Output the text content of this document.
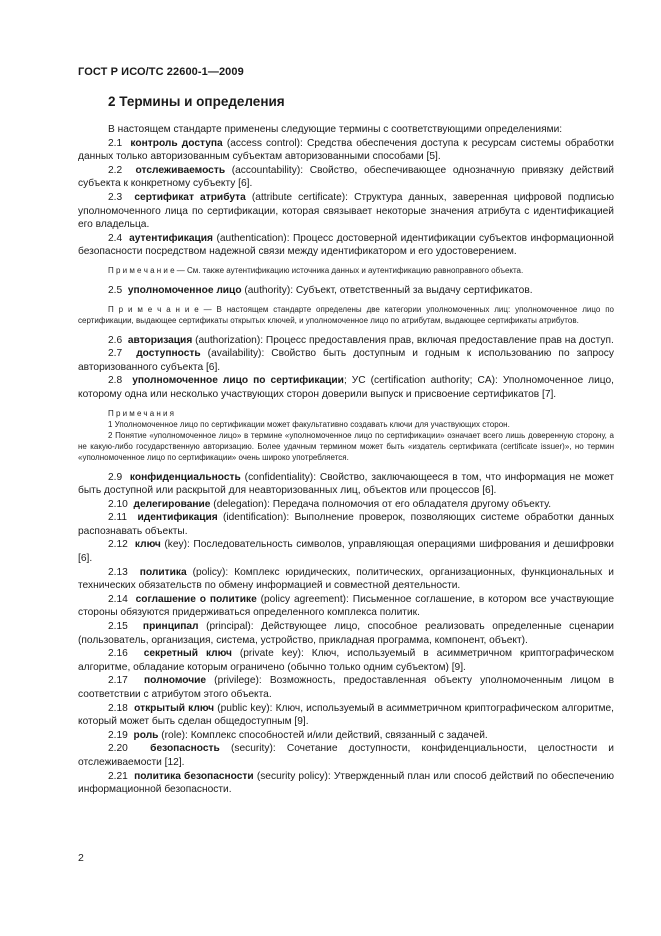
ГОСТ Р ИСО/ТС 22600-1—2009
2 Термины и определения

В настоящем стандарте применены следующие термины с соответствующими определениями:

2.1 контроль доступа (access control): Средства обеспечения доступа к ресурсам системы обработки данных только авторизованным субъектам авторизованными способами [5].

2.2 отслеживаемость (accountability): Свойство, обеспечивающее однозначную привязку действий субъекта к конкретному субъекту [6].

2.3 сертификат атрибута (attribute certificate): Структура данных, заверенная цифровой подписью уполномоченного лица по сертификации, которая связывает некоторые значения атрибута с идентификацией его владельца.

2.4 аутентификация (authentication): Процесс достоверной идентификации субъектов информационной безопасности посредством надежной связи между идентификатором и его удостоверением.

П р и м е ч а н и е — См. также аутентификацию источника данных и аутентификацию равноправного объекта.

2.5 уполномоченное лицо (authority): Субъект, ответственный за выдачу сертификатов.

П р и м е ч а н и е — В настоящем стандарте определены две категории уполномоченных лиц: уполномоченное лицо по сертификации, выдающее сертификаты открытых ключей, и уполномоченное лицо по атрибутам, выдающее сертификаты атрибутов.

2.6 авторизация (authorization): Процесс предоставления прав, включая предоставление прав на доступ.

2.7 доступность (availability): Свойство быть доступным и годным к использованию по запросу авторизованного субъекта [6].

2.8 уполномоченное лицо по сертификации; УС (certification authority; CA): Уполномоченное лицо, которому одна или несколько участвующих сторон доверили выпуск и присвоение сертификатов [7].

Примечания

1 Уполномоченное лицо по сертификации может факультативно создавать ключи для участвующих сторон.

2 Понятие «уполномоченное лицо» в термине «уполномоченное лицо по сертификации» означает всего лишь доверенную сторону, а не какую-либо государственную авторизацию. Более удачным термином может быть «издатель сертификата (certificate issuer)», но термин «уполномоченное лицо по сертификации» очень широко употребляется.

2.9 конфиденциальность (confidentiality): Свойство, заключающееся в том, что информация не может быть доступной или раскрытой для неавторизованных лиц, объектов или процессов [6].

2.10 делегирование (delegation): Передача полномочия от его обладателя другому объекту.

2.11 идентификация (identification): Выполнение проверок, позволяющих системе обработки данных распознавать объекты.

2.12 ключ (key): Последовательность символов, управляющая операциями шифрования и дешифровки [6].

2.13 политика (policy): Комплекс юридических, политических, организационных, функциональных и технических обязательств по обмену информацией и совместной деятельности.

2.14 соглашение о политике (policy agreement): Письменное соглашение, в котором все участвующие стороны обязуются придерживаться определенного комплекса политик.

2.15 принципал (principal): Действующее лицо, способное реализовать определенные сценарии (пользователь, организация, система, устройство, прикладная программа, компонент, объект).

2.16 секретный ключ (private key): Ключ, используемый в асимметричном криптографическом алгоритме, обладание которым ограничено (обычно только одним субъектом) [9].

2.17 полномочие (privilege): Возможность, предоставленная объекту уполномоченным лицом в соответствии с атрибутом этого объекта.

2.18 открытый ключ (public key): Ключ, используемый в асимметричном криптографическом алгоритме, который может быть сделан общедоступным [9].

2.19 роль (role): Комплекс способностей и/или действий, связанный с задачей.

2.20 безопасность (security): Сочетание доступности, конфиденциальности, целостности и отслеживаемости [12].

2.21 политика безопасности (security policy): Утвержденный план или способ действий по обеспечению информационной безопасности.

2
